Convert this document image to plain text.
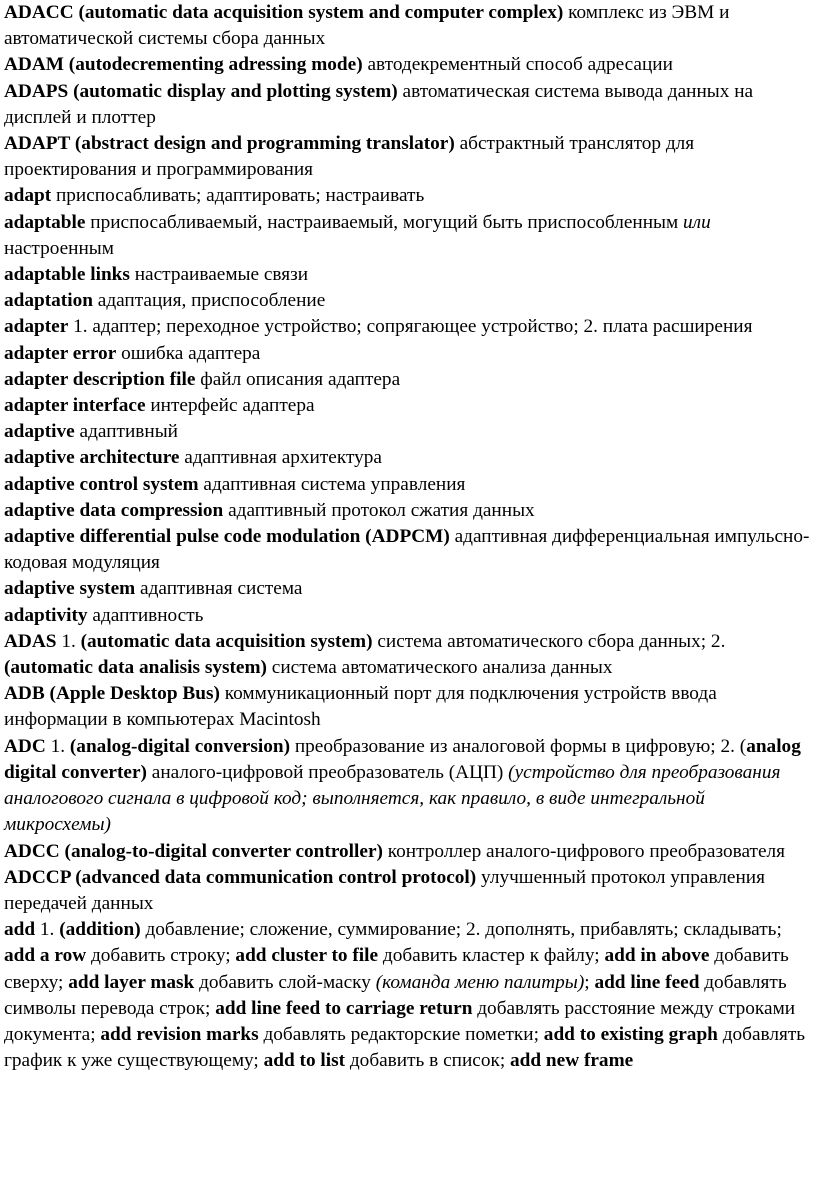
ADACC (automatic data acquisition system and computer complex) комплекс из ЭВМ и автоматической системы сбора данных

ADAM (autodecrementing adressing mode) автодекрементный способ адресации

ADAPS (automatic display and plotting system) автоматическая система вывода данных на дисплей и плоттер

ADAPT (abstract design and programming translator) абстрактный транслятор для проектирования и программирования

adapt приспосабливать; адаптировать; настраивать

adaptable приспосабливаемый, настраиваемый, могущий быть приспособленным или настроенным

adaptable links настраиваемые связи

adaptation адаптация, приспособление

adapter 1. адаптер; переходное устройство; сопрягающее устройство; 2. плата расширения

adapter error ошибка адаптера

adapter description file файл описания адаптера

adapter interface интерфейс адаптера

adaptive адаптивный

adaptive architecture адаптивная архитектура

adaptive control system адаптивная система управления

adaptive data compression адаптивный протокол сжатия данных

adaptive differential pulse code modulation (ADPCM) адаптивная дифференциальная импульсно-кодовая модуляция

adaptive system адаптивная система

adaptivity адаптивность

ADAS 1. (automatic data acquisition system) система автоматического сбора данных; 2. (automatic data analisis system) система автоматического анализа данных

ADB (Apple Desktop Bus) коммуникационный порт для подключения устройств ввода информации в компьютерах Macintosh

ADC 1. (analog-digital conversion) преобразование из аналоговой формы в цифровую; 2. (analog digital converter) аналого-цифровой преобразователь (АЦП) (устройство для преобразования аналогового сигнала в цифровой код; выполняется, как правило, в виде интегральной микросхемы)

ADCC (analog-to-digital converter controller) контроллер аналого-цифрового преобразователя

ADCCP (advanced data communication control protocol) улучшенный протокол управления передачей данных

add 1. (addition) добавление; сложение, суммирование; 2. дополнять, прибавлять; складывать; add a row добавить строку; add cluster to file добавить кластер к файлу; add in above добавить сверху; add layer mask добавить слой-маску (команда меню палитры); add line feed добавлять символы перевода строк; add line feed to carriage return добавлять расстояние между строками документа; add revision marks добавлять редакторские пометки; add to existing graph добавлять график к уже существующему; add to list добавить в список; add new frame
